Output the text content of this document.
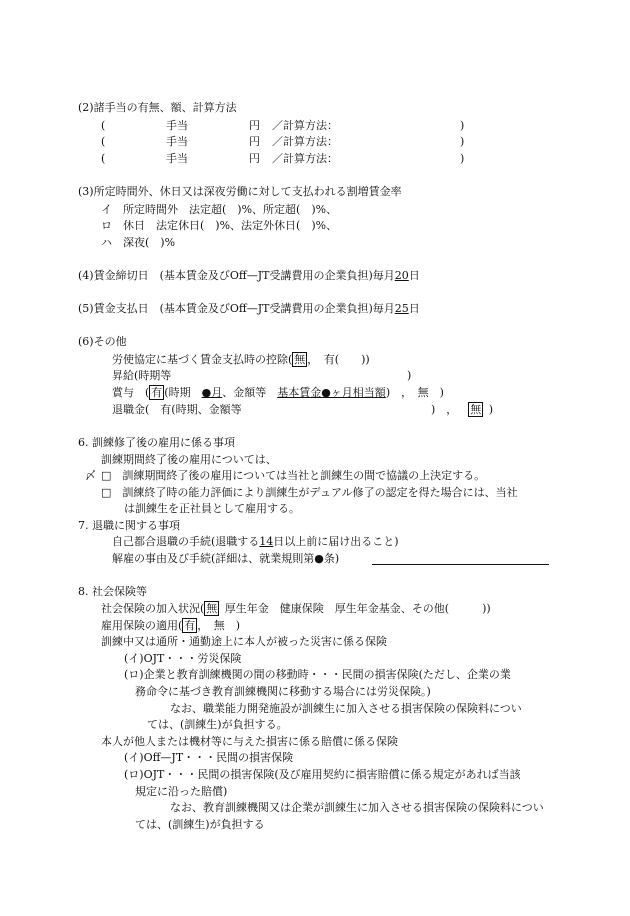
(2)諸手当の有無、額、計算方法
(	手当	円 ／計算方法：	)
(	手当	円 ／計算方法：	)
(	手当	円 ／計算方法：	)
(3)所定時間外、休日又は深夜労働に対して支払われる割増賃金率
イ　所定時間外　法定超(　)%、所定超(　)%、
ロ　休日　法定休日(　)%、法定外休日(　)%、
ハ　深夜(　)%
(4)賃金締切日　(基本賃金及びOff—JT受講費用の企業負担)毎月20日
(5)賃金支払日　(基本賃金及びOff—JT受講費用の企業負担)毎月25日
(6)その他
労使協定に基づく賃金支払時の控除( 無 ，　有(　　))
昇給(時期等	)
賞与　( 有 (時期　●月、金額等　基本賃金●ヶ月相当額)　，　無　)
退職金(　有(時期、金額等	)　，  無  )
6. 訓練修了後の雇用に係る事項
訓練期間終了後の雇用については、
〆 □　訓練期間終了後の雇用については当社と訓練生の間で協議の上決定する。
□　訓練終了時の能力評価により訓練生がデュアル修了の認定を得た場合には、当社
は訓練生を正社員として雇用する。
7. 退職に関する事項
自己都合退職の手続(退職する14日以上前に届け出ること)
解雇の事由及び手続(詳細は、就業規則第●条)
8. 社会保険等
社会保険の加入状況( 無  厚生年金　健康保険　厚生年金基金、その他(　　　))
雇用保険の適用( 有 ，　無　)
訓練中又は通所・通勤途上に本人が被った災害に係る保険
(イ)OJT・・・労災保険
(ロ)企業と教育訓練機関の間の移動時・・・民間の損害保険(ただし、企業の業
務命令に基づき教育訓練機関に移動する場合には労災保険。)
なお、職業能力開発施設が訓練生に加入させる損害保険の保険料につい
ては、(訓練生)が負担する。
本人が他人または機材等に与えた損害に係る賠償に係る保険
(イ)Off—JT・・・民間の損害保険
(ロ)OJT・・・民間の損害保険(及び雇用契約に損害賠償に係る規定があれば当該
規定に沿った賠償)
なお、教育訓練機関又は企業が訓練生に加入させる損害保険の保険料につい
ては、(訓練生)が負担する
